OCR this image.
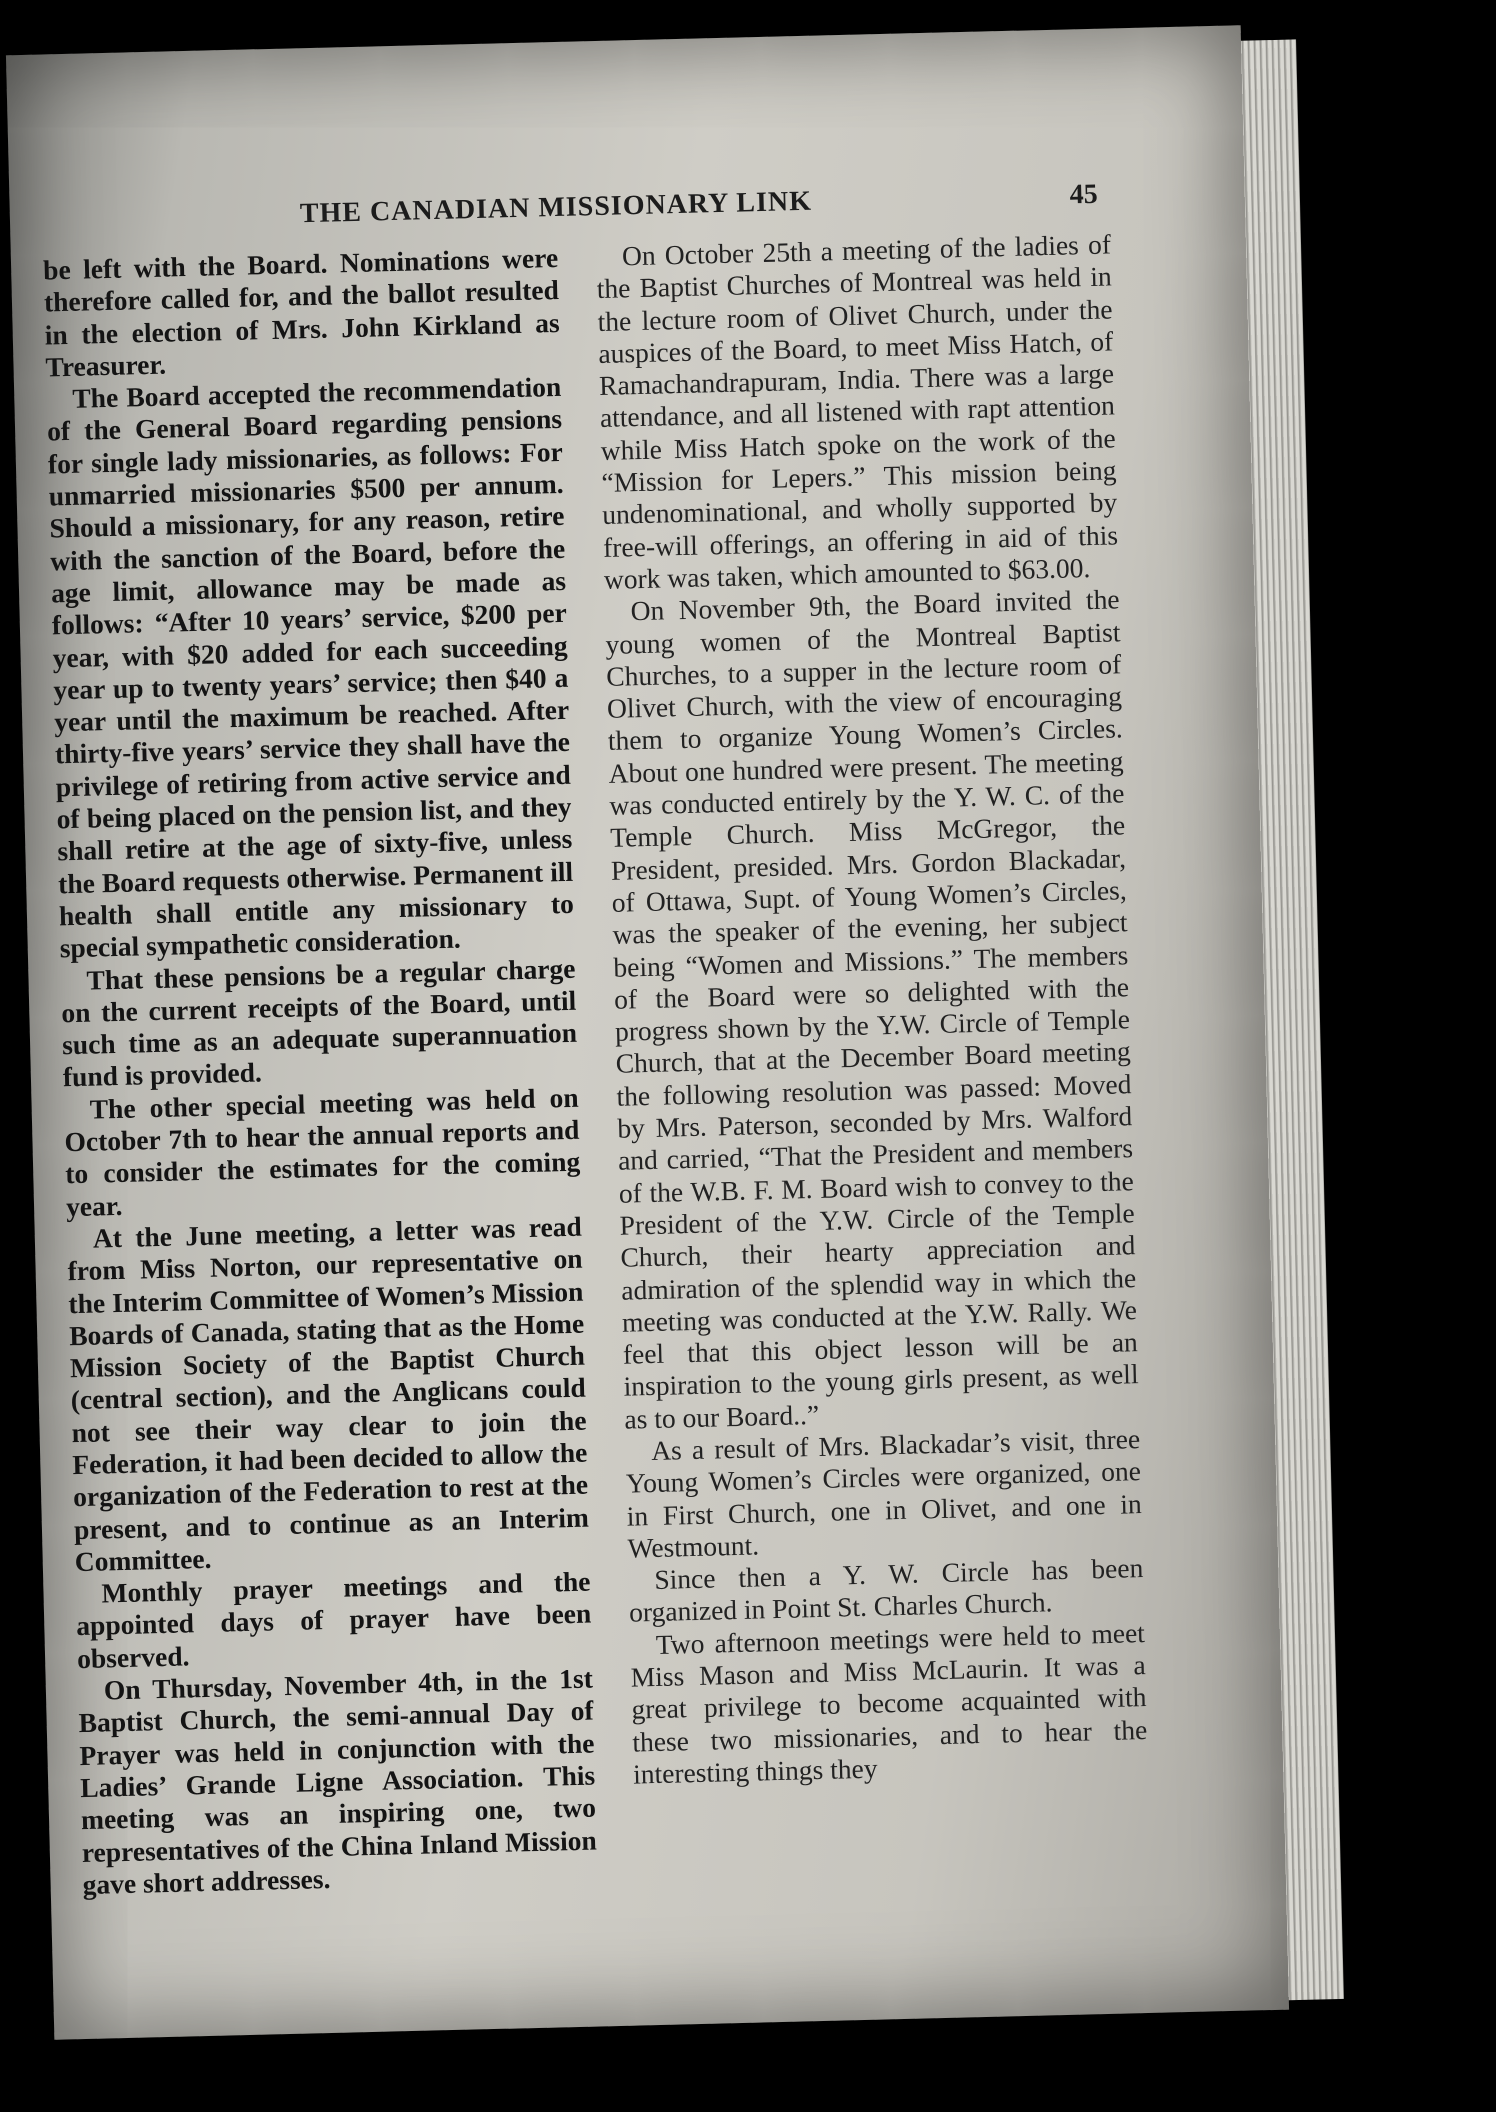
THE CANADIAN MISSIONARY LINK	45

be left with the Board. Nominations were therefore called for, and the ballot resulted in the election of Mrs. John Kirkland as Treasurer.

The Board accepted the recommendation of the General Board regarding pensions for single lady missionaries, as follows: For unmarried missionaries $500 per annum. Should a missionary, for any reason, retire with the sanction of the Board, before the age limit, allowance may be made as follows: “After 10 years’ service, $200 per year, with $20 added for each succeeding year up to twenty years’ service; then $40 a year until the maximum be reached. After thirty-five years’ service they shall have the privilege of retiring from active service and of being placed on the pension list, and they shall retire at the age of sixty-five, unless the Board requests otherwise. Permanent ill health shall entitle any missionary to special sympathetic consideration.

That these pensions be a regular charge on the current receipts of the Board, until such time as an adequate superannuation fund is provided.

The other special meeting was held on October 7th to hear the annual reports and to consider the estimates for the coming year.

At the June meeting, a letter was read from Miss Norton, our representative on the Interim Committee of Women’s Mission Boards of Canada, stating that as the Home Mission Society of the Baptist Church (central section), and the Anglicans could not see their way clear to join the Federation, it had been decided to allow the organization of the Federation to rest at the present, and to continue as an Interim Committee.

Monthly prayer meetings and the appointed days of prayer have been observed.

On Thursday, November 4th, in the 1st Baptist Church, the semi-annual Day of Prayer was held in conjunction with the Ladies’ Grande Ligne Association. This meeting was an inspiring one, two representatives of the China Inland Mission gave short addresses.

On October 25th a meeting of the ladies of the Baptist Churches of Montreal was held in the lecture room of Olivet Church, under the auspices of the Board, to meet Miss Hatch, of Ramachandrapuram, India. There was a large attendance, and all listened with rapt attention while Miss Hatch spoke on the work of the “Mission for Lepers.” This mission being undenominational, and wholly supported by free-will offerings, an offering in aid of this work was taken, which amounted to $63.00.

On November 9th, the Board invited the young women of the Montreal Baptist Churches, to a supper in the lecture room of Olivet Church, with the view of encouraging them to organize Young Women’s Circles. About one hundred were present. The meeting was conducted entirely by the Y. W. C. of the Temple Church. Miss McGregor, the President, presided. Mrs. Gordon Blackadar, of Ottawa, Supt. of Young Women’s Circles, was the speaker of the evening, her subject being “Women and Missions.” The members of the Board were so delighted with the progress shown by the Y.W. Circle of Temple Church, that at the December Board meeting the following resolution was passed: Moved by Mrs. Paterson, seconded by Mrs. Walford and carried, “That the President and members of the W.B. F. M. Board wish to convey to the President of the Y.W. Circle of the Temple Church, their hearty appreciation and admiration of the splendid way in which the meeting was conducted at the Y.W. Rally. We feel that this object lesson will be an inspiration to the young girls present, as well as to our Board..”

As a result of Mrs. Blackadar’s visit, three Young Women’s Circles were organized, one in First Church, one in Olivet, and one in Westmount.

Since then a Y. W. Circle has been organized in Point St. Charles Church.

Two afternoon meetings were held to meet Miss Mason and Miss McLaurin. It was a great privilege to become acquainted with these two missionaries, and to hear the interesting things they
